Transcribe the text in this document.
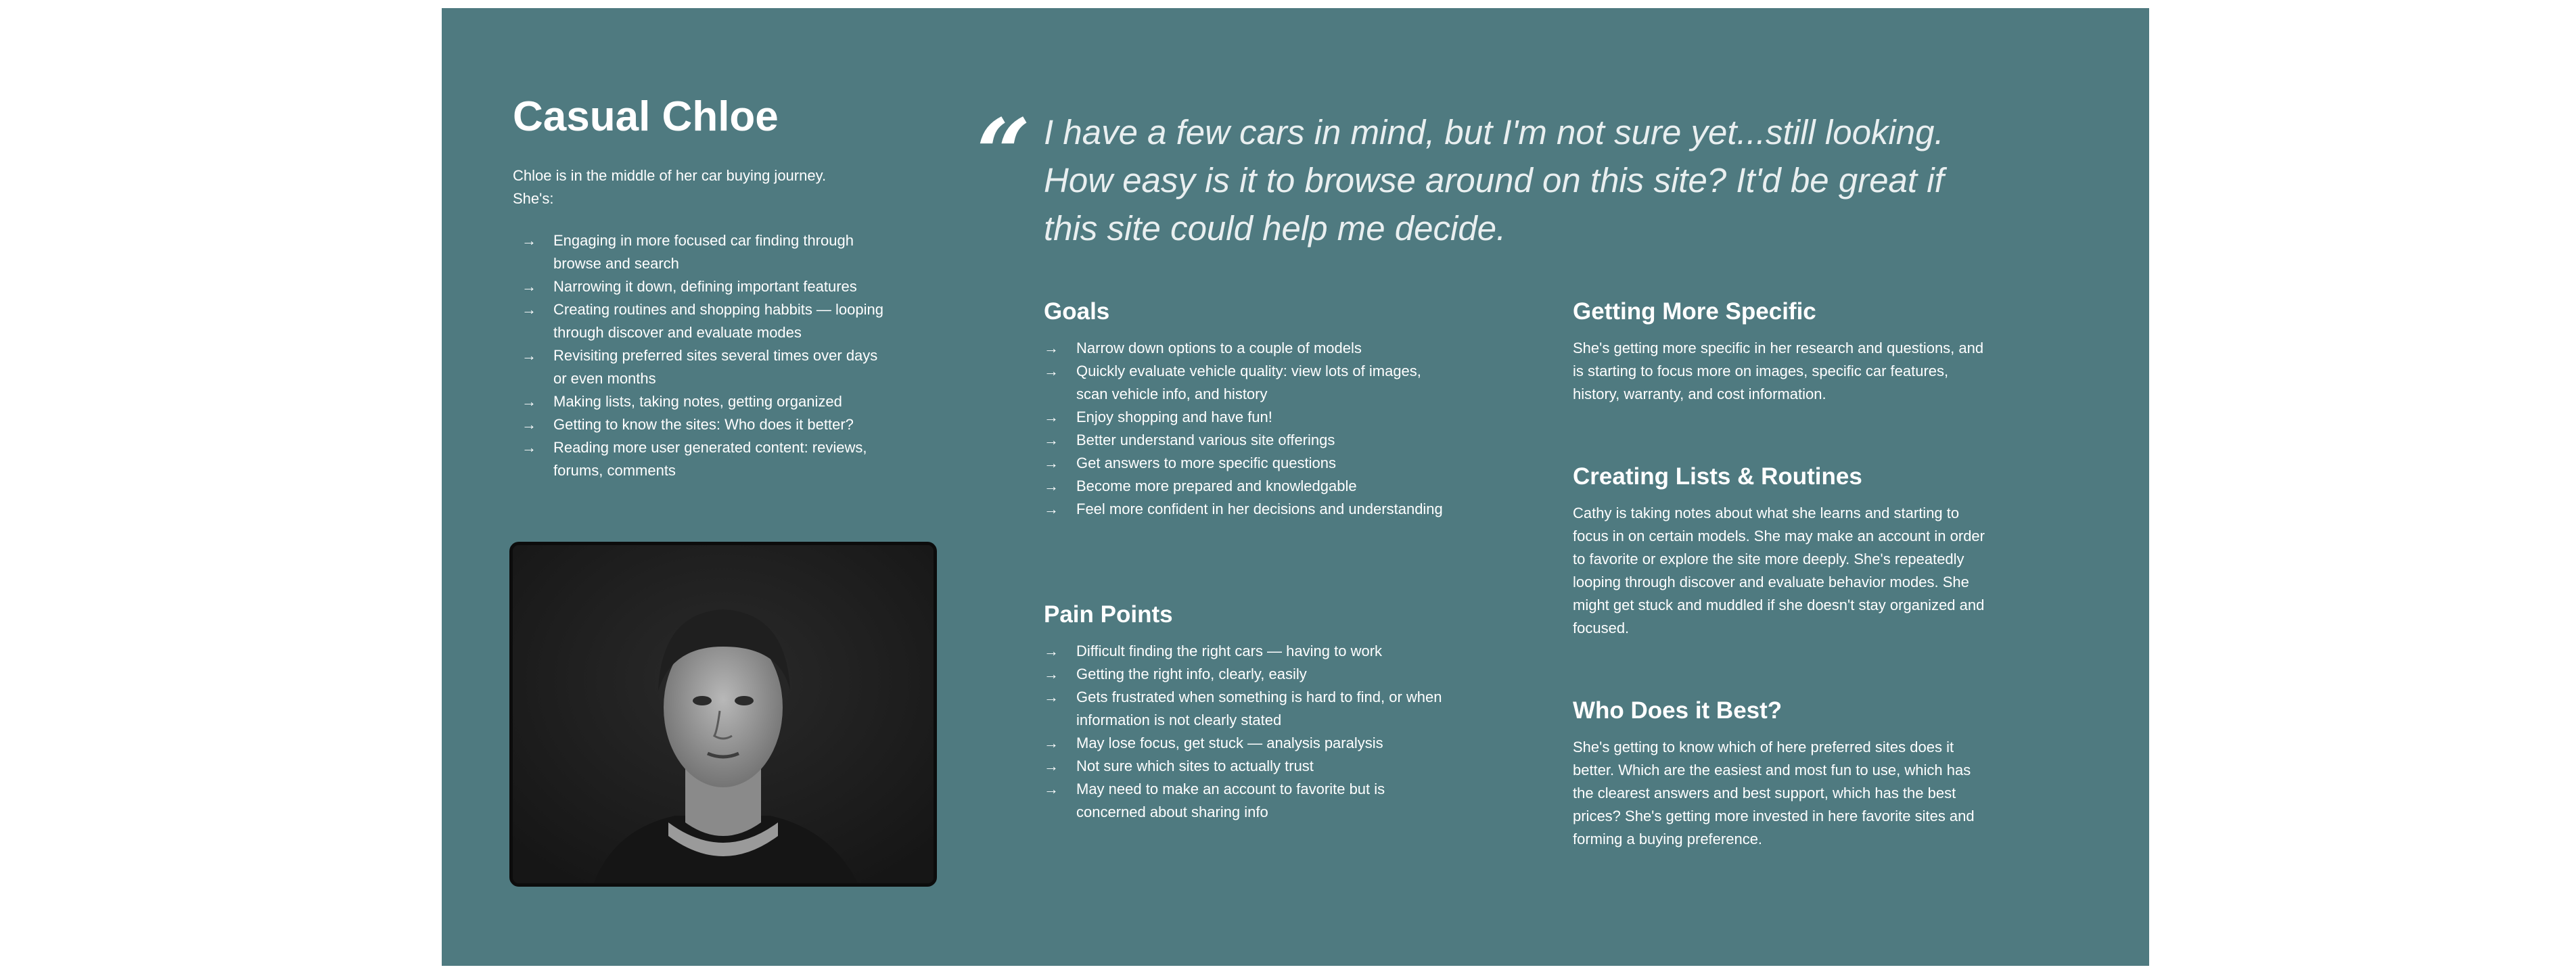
Casual Chloe
Chloe is in the middle of her car buying journey.
She's:
→ Engaging in more focused car finding through browse and search
→ Narrowing it down, defining important features
→ Creating routines and shopping habbits — looping through discover and evaluate modes
→ Revisiting preferred sites several times over days or even months
→ Making lists, taking notes, getting organized
→ Getting to know the sites: Who does it better?
→ Reading more user generated content: reviews, forums, comments
“ I have a few cars in mind, but I'm not sure yet...still looking. How easy is it to browse around on this site? It'd be great if this site could help me decide.
Goals
→ Narrow down options to a couple of models
→ Quickly evaluate vehicle quality: view lots of images, scan vehicle info, and history
→ Enjoy shopping and have fun!
→ Better understand various site offerings
→ Get answers to more specific questions
→ Become more prepared and knowledgable
→ Feel more confident in her decisions and understanding
Pain Points
→ Difficult finding the right cars — having to work
→ Getting the right info, clearly, easily
→ Gets frustrated when something is hard to find, or when information is not clearly stated
→ May lose focus, get stuck — analysis paralysis
→ Not sure which sites to actually trust
→ May need to make an account to favorite but is concerned about sharing info
Getting More Specific

She's getting more specific in her research and questions, and is starting to focus more on images, specific car features, history, warranty, and cost information.

Creating Lists & Routines

Cathy is taking notes about what she learns and starting to focus in on certain models. She may make an account in order to favorite or explore the site more deeply. She's repeatedly looping through discover and evaluate behavior modes. She might get stuck and muddled if she doesn't stay organized and focused.

Who Does it Best?

She's getting to know which of here preferred sites does it better. Which are the easiest and most fun to use, which has the clearest answers and best support, which has the best prices? She's getting more invested in here favorite sites and forming a buying preference.
